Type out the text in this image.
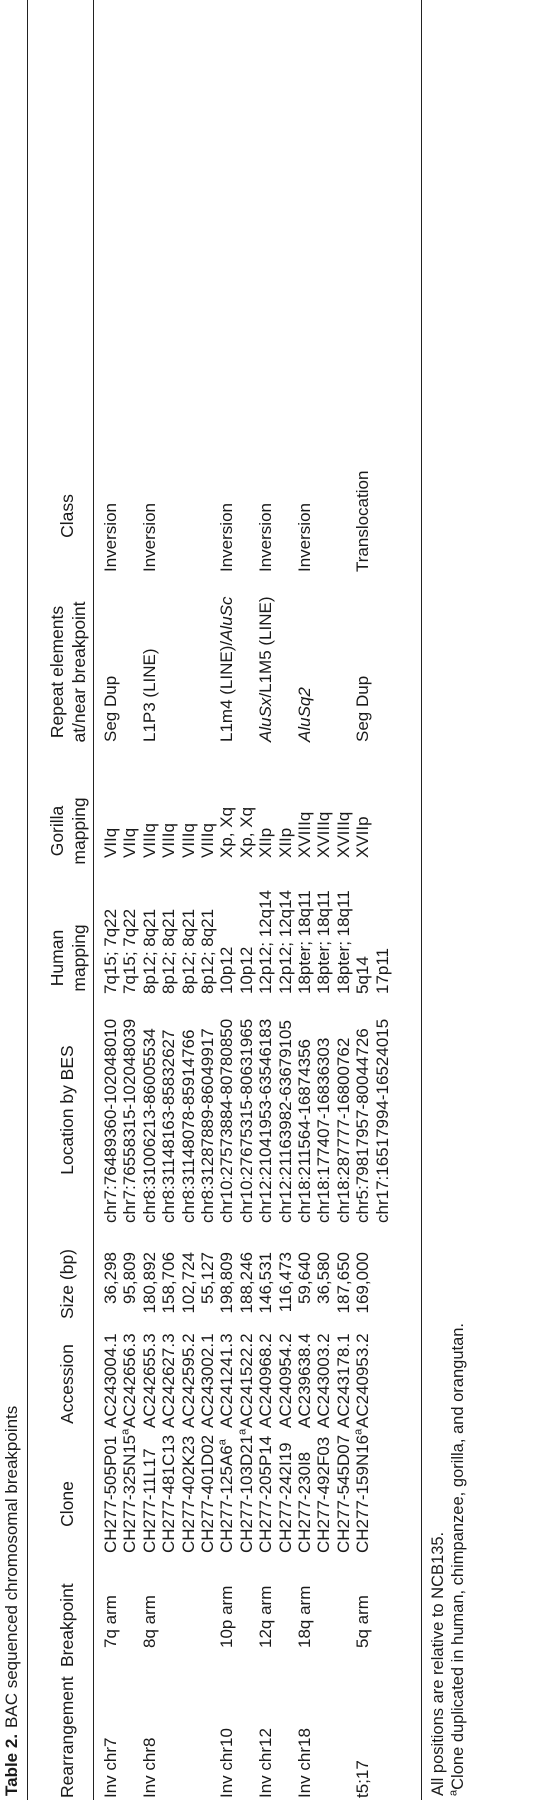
Table 2.BAC sequenced chromosomal breakpoints
Rearrangement
Breakpoint
Clone
Accession
Size (bp)
Location by BES
Human mapping
Gorilla mapping
Repeat elements at/near breakpoint
Class
Inv chr7
7q arm
CH277-505P01
AC243004.1
36,298
chr7:76489360-102048010
7q15; 7q22
VIIq
Seg Dup
Inversion
CH277-325N15$^a$
AC242656.3
95,809
chr7:76558315-102048039
7q15; 7q22
VIIq
Inv chr8
8q arm
CH277-11L17
AC242655.3
180,892
chr8:31006213-86005534
8p12; 8q21
VIIIq
L1P3 (LINE)
Inversion
CH277-481C13
AC242627.3
158,706
chr8:31148163-85832627
8p12; 8q21
VIIIq
CH277-402K23
AC242595.2
102,724
chr8:31148078-85914766
8p12; 8q21
VIIIq
CH277-401D02
AC243002.1
55,127
chr8:31287889-86049917
8p12; 8q21
VIIIq
Inv chr10
10p arm
CH277-125A6$^a$
AC241241.3
198,809
chr10:27573884-80780850
10p12
Xp, Xq
L1m4 (LINE)/AluSc
Inversion
CH277-103D21$^a$
AC241522.2
188,246
chr10:27675315-80631965
10p12
Xp, Xq
Inv chr12
12q arm
CH277-205P14
AC240968.2
146,531
chr12:21041953-63546183
12p12; 12q14
XIIp
AluSx/L1M5 (LINE)
Inversion
CH277-242I19
AC240954.2
116,473
chr12:21163982-63679105
12p12; 12q14
XIIp
Inv chr18
18q arm
CH277-230I8
AC239638.4
59,640
chr18:211564-16874356
18pter; 18q11
XVIIIq
AluSq2
Inversion
CH277-492F03
AC243003.2
36,580
chr18:177407-16836303
18pter; 18q11
XVIIIq
CH277-545D07
AC243178.1
187,650
chr18:287777-16800762
18pter; 18q11
XVIIIq
t5;17
5q arm
CH277-159N16$^a$
AC240953.2
169,000
chr5:79817957-80044726
5q14
XVIIp
Seg Dup
Translocation
chr17:16517994-16524015
17p11
All positions are relative to NCB135. $^a$Clone duplicated in human, chimpanzee, gorilla, and orangutan.
